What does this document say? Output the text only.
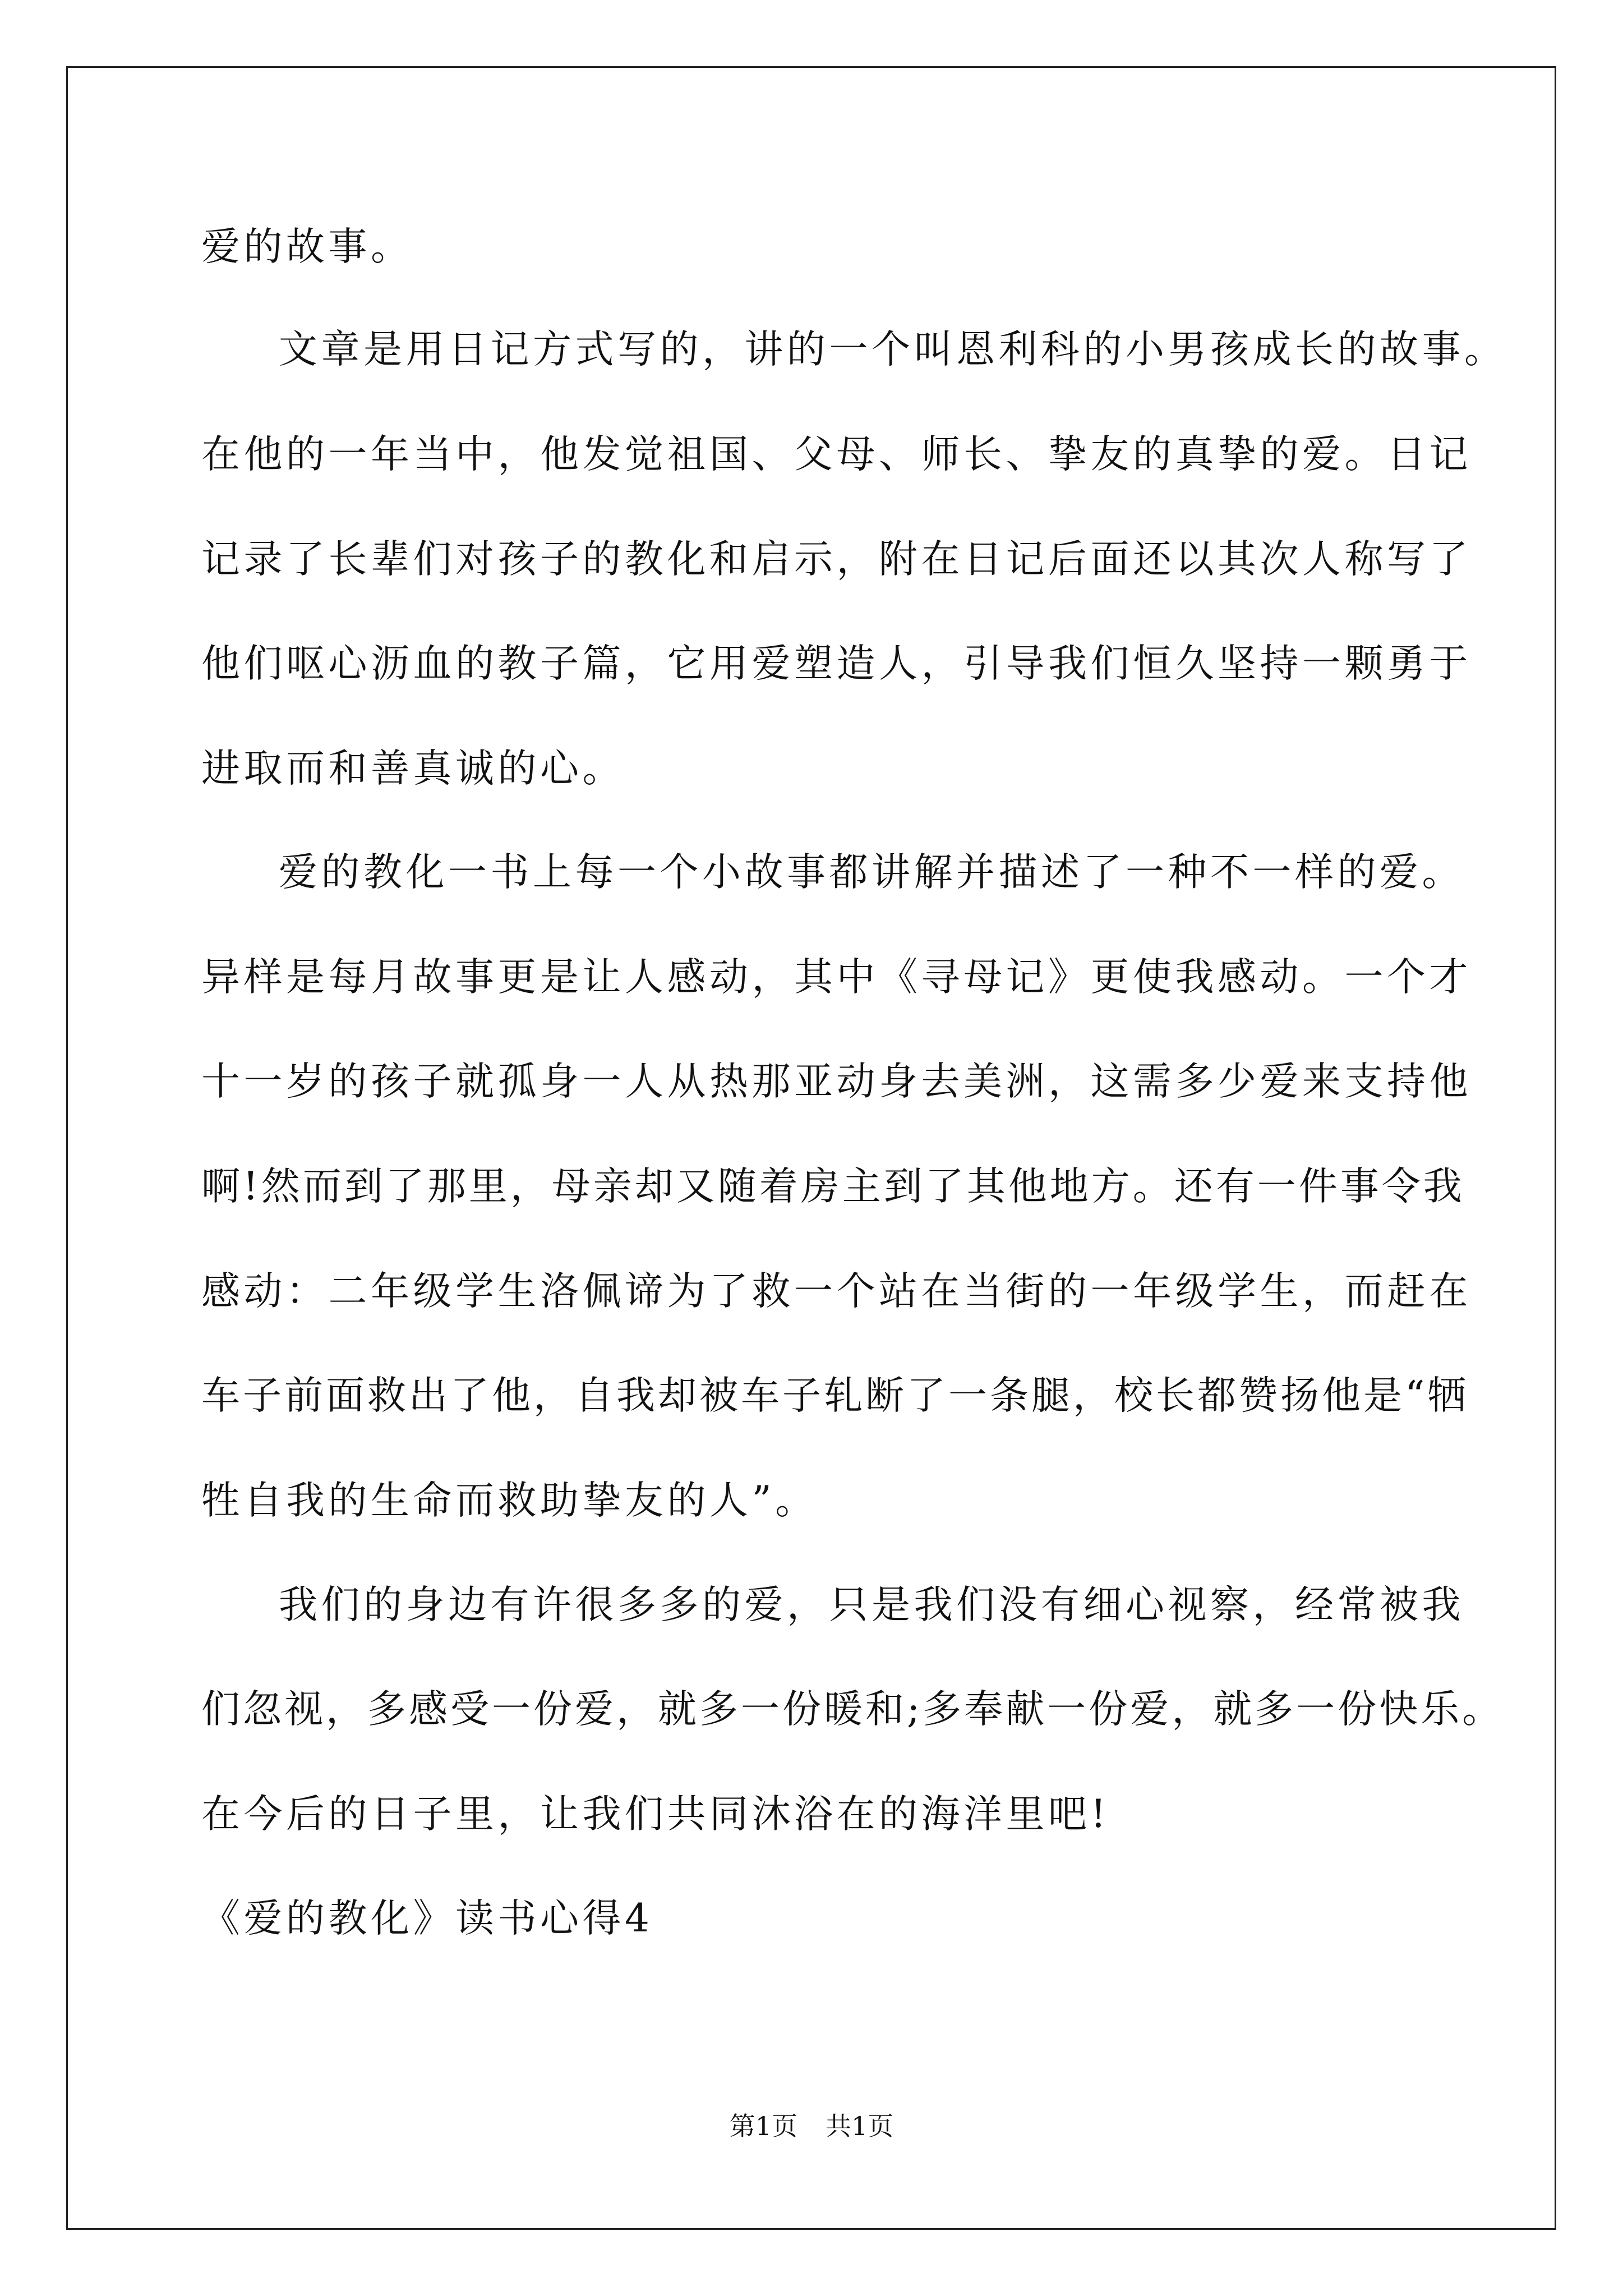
爱的故事。
文章是用日记方式写的，讲的一个叫恩利科的小男孩成长的故事。
在他的一年当中，他发觉祖国、父母、师长、挚友的真挚的爱。日记
记录了长辈们对孩子的教化和启示，附在日记后面还以其次人称写了
他们呕心沥血的教子篇，它用爱塑造人，引导我们恒久坚持一颗勇于
进取而和善真诚的心。
爱的教化一书上每一个小故事都讲解并描述了一种不一样的爱。
异样是每月故事更是让人感动，其中《寻母记》更使我感动。一个才
十一岁的孩子就孤身一人从热那亚动身去美洲，这需多少爱来支持他
啊!然而到了那里，母亲却又随着房主到了其他地方。还有一件事令我
感动：二年级学生洛佩谛为了救一个站在当街的一年级学生，而赶在
车子前面救出了他，自我却被车子轧断了一条腿，校长都赞扬他是“牺
牲自我的生命而救助挚友的人”。
我们的身边有许很多多的爱，只是我们没有细心视察，经常被我
们忽视，多感受一份爱，就多一份暖和;多奉献一份爱，就多一份快乐。
在今后的日子里，让我们共同沐浴在的海洋里吧!
《爱的教化》读书心得4
第1页 共1页
